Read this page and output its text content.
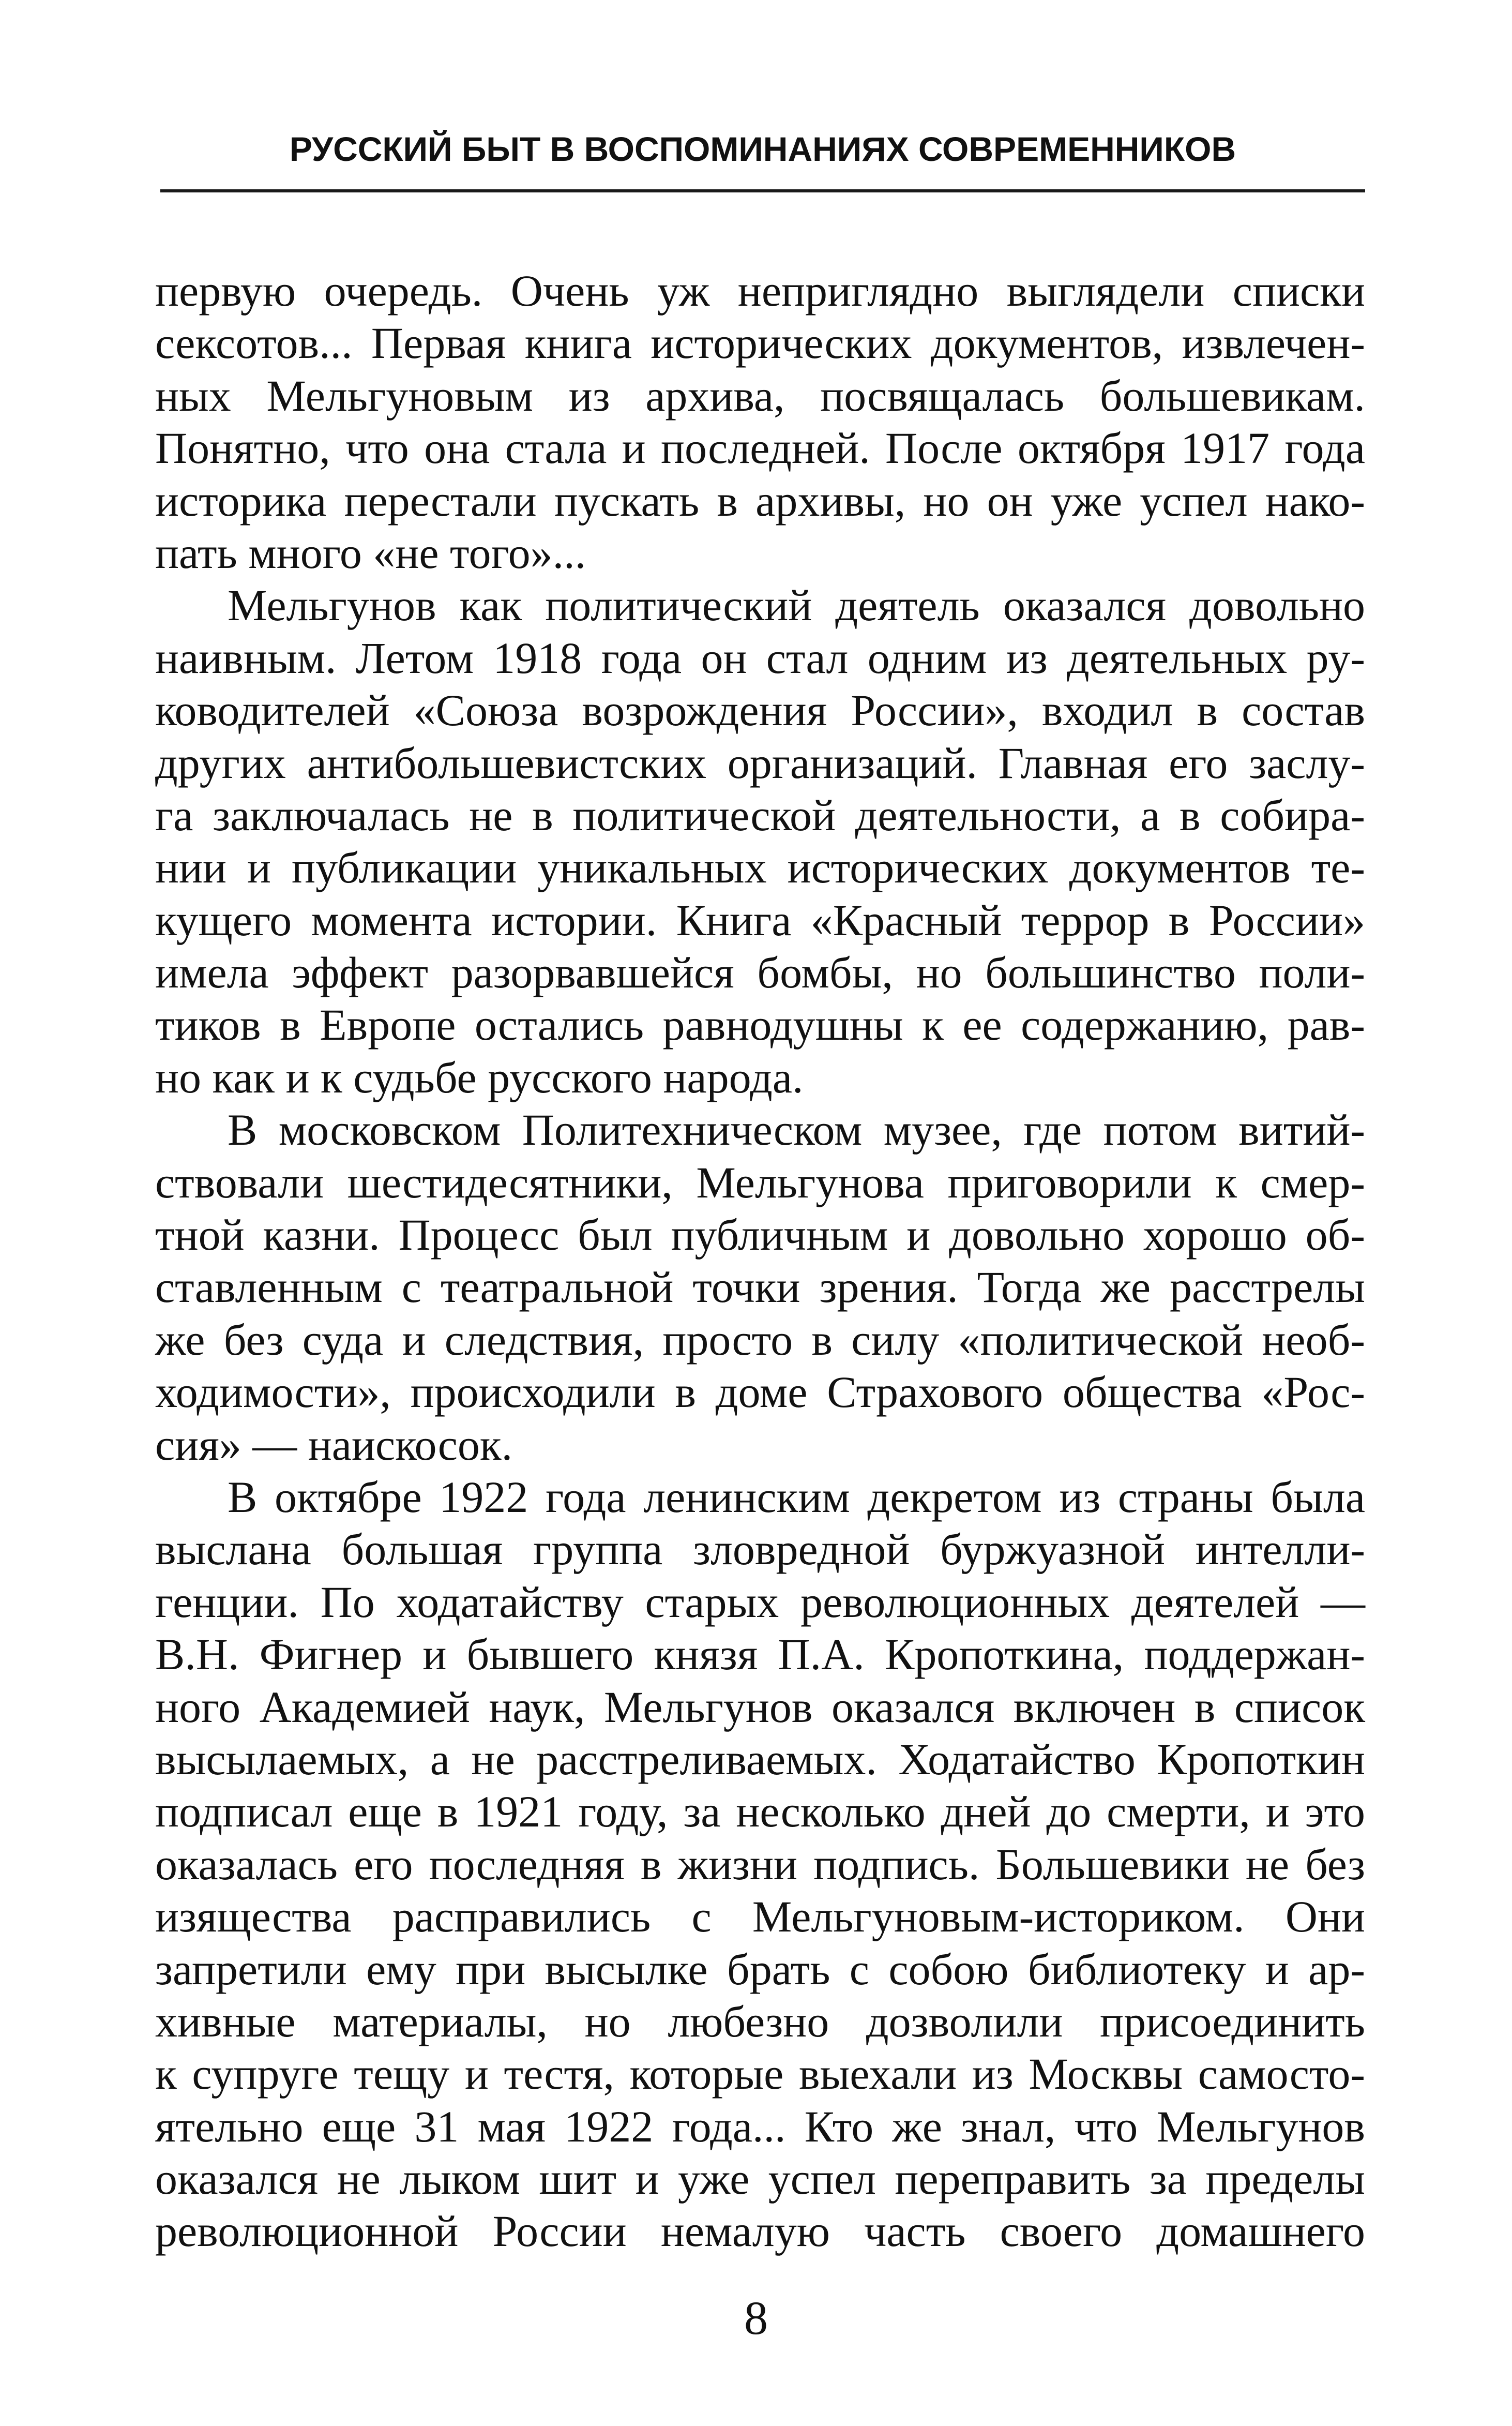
РУССКИЙ БЫТ В ВОСПОМИНАНИЯХ СОВРЕМЕННИКОВ
первую очередь. Очень уж неприглядно выглядели списки
сексотов... Первая книга исторических документов, извлечен-
ных Мельгуновым из архива, посвящалась большевикам.
Понятно, что она стала и последней. После октября 1917 года
историка перестали пускать в архивы, но он уже успел нако-
пать много «не того»...
Мельгунов как политический деятель оказался довольно
наивным. Летом 1918 года он стал одним из деятельных ру-
ководителей «Союза возрождения России», входил в состав
других антибольшевистских организаций. Главная его заслу-
га заключалась не в политической деятельности, а в собира-
нии и публикации уникальных исторических документов те-
кущего момента истории. Книга «Красный террор в России»
имела эффект разорвавшейся бомбы, но большинство поли-
тиков в Европе остались равнодушны к ее содержанию, рав-
но как и к судьбе русского народа.
В московском Политехническом музее, где потом витий-
ствовали шестидесятники, Мельгунова приговорили к смер-
тной казни. Процесс был публичным и довольно хорошо об-
ставленным с театральной точки зрения. Тогда же расстрелы
же без суда и следствия, просто в силу «политической необ-
ходимости», происходили в доме Страхового общества «Рос-
сия» — наискосок.
В октябре 1922 года ленинским декретом из страны была
выслана большая группа зловредной буржуазной интелли-
генции. По ходатайству старых революционных деятелей —
В.Н. Фигнер и бывшего князя П.А. Кропоткина, поддержан-
ного Академией наук, Мельгунов оказался включен в список
высылаемых, а не расстреливаемых. Ходатайство Кропоткин
подписал еще в 1921 году, за несколько дней до смерти, и это
оказалась его последняя в жизни подпись. Большевики не без
изящества расправились с Мельгуновым-историком. Они
запретили ему при высылке брать с собою библиотеку и ар-
хивные материалы, но любезно дозволили присоединить
к супруге тещу и тестя, которые выехали из Москвы самосто-
ятельно еще 31 мая 1922 года... Кто же знал, что Мельгунов
оказался не лыком шит и уже успел переправить за пределы
революционной России немалую часть своего домашнего
8
